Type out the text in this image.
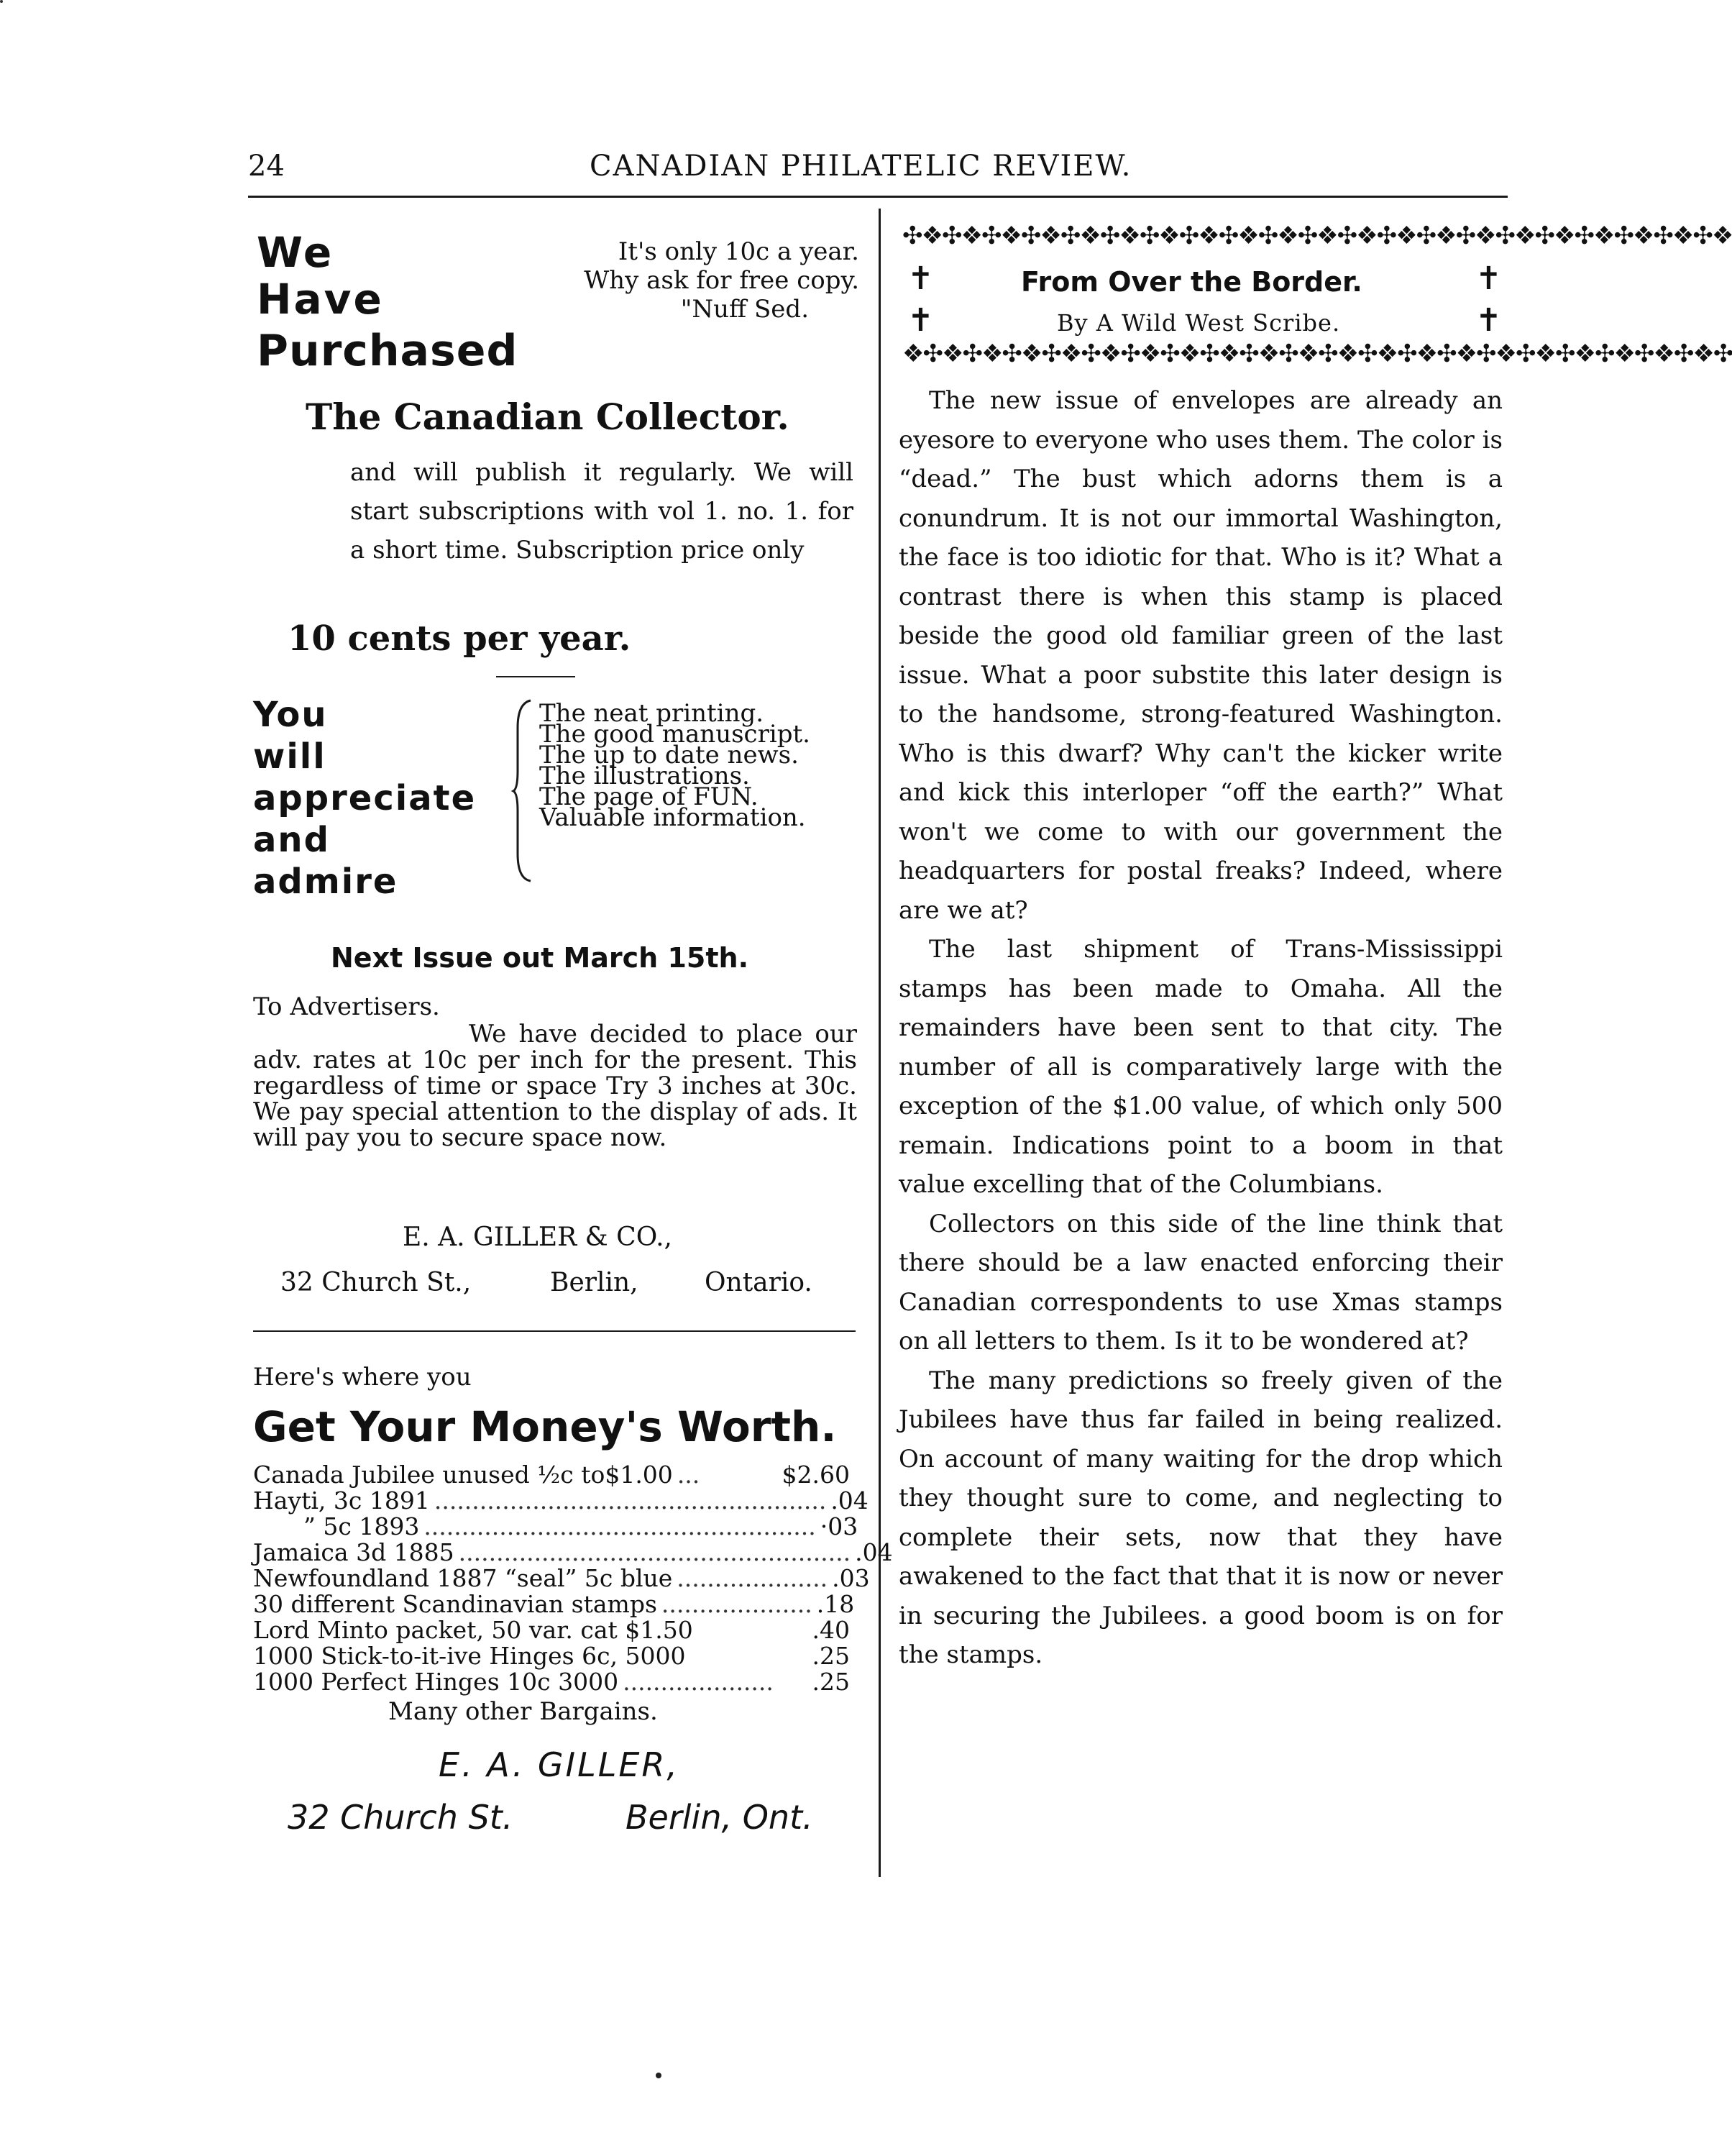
24	CANADIAN PHILATELIC REVIEW.
We
Have
Purchased
It's only 10c a year.
Why ask for free copy.
"Nuff Sed.
The Canadian Collector.
and will publish it regularly. We will start subscriptions with vol 1. no. 1. for a short time. Subscription price only
10 cents per year.
You
will
appreciate
and
admire
The neat printing.
The good manuscript.
The up to date news.
The illustrations.
The page of FUN.
Valuable information.
Next Issue out March 15th.
To Advertisers.
We have decided to place our adv. rates at 10c per inch for the present. This regardless of time or space Try 3 inches at 30c. We pay special attention to the display of ads. It will pay you to secure space now.
E. A. GILLER & CO.,
32 Church St.,	Berlin,	Ontario.
Here's where you
Get Your Money's Worth.
Canada Jubilee unused ½c to$1.00 ...	$2.60
Hayti, 3c 1891 .................................................... .04
” 5c 1893 .................................................... ·03
Jamaica 3d 1885 .................................................... .04
Newfoundland 1887 “seal” 5c blue .................... .03
30 different Scandinavian stamps .................... .18
Lord Minto packet, 50 var. cat $1.50	.40
1000 Stick-to-it-ive Hinges 6c, 5000	.25
1000 Perfect Hinges 10c 3000 ....................	.25
Many other Bargains.
E. A. GILLER,
32 Church St.	Berlin, Ont.
✣❖✣❖✣❖✣❖✣❖✣❖✣❖✣❖✣❖✣❖✣❖✣❖✣❖✣❖✣❖✣❖✣❖✣❖✣❖✣❖✣❖
✝
✝
✝
✝
From Over the Border.
By A Wild West Scribe.
❖✣❖✣❖✣❖✣❖✣❖✣❖✣❖✣❖✣❖✣❖✣❖✣❖✣❖✣❖✣❖✣❖✣❖✣❖✣❖✣❖✣

The new issue of envelopes are already an eyesore to everyone who uses them. The color is “dead.” The bust which adorns them is a conundrum. It is not our immortal Washington, the face is too idiotic for that. Who is it? What a contrast there is when this stamp is placed beside the good old familiar green of the last issue. What a poor substite this later design is to the handsome, strong-featured Washington. Who is this dwarf? Why can't the kicker write and kick this interloper “off the earth?” What won't we come to with our government the headquarters for postal freaks? Indeed, where are we at?

The last shipment of Trans-Mississippi stamps has been made to Omaha. All the remainders have been sent to that city. The number of all is comparatively large with the exception of the $1.00 value, of which only 500 remain. Indications point to a boom in that value excelling that of the Columbians.

Collectors on this side of the line think that there should be a law enacted enforcing their Canadian correspondents to use Xmas stamps on all letters to them. Is it to be wondered at?

The many predictions so freely given of the Jubilees have thus far failed in being realized. On account of many waiting for the drop which they thought sure to come, and neglecting to complete their sets, now that they have awakened to the fact that that it is now or never in securing the Jubilees. a good boom is on for the stamps.
